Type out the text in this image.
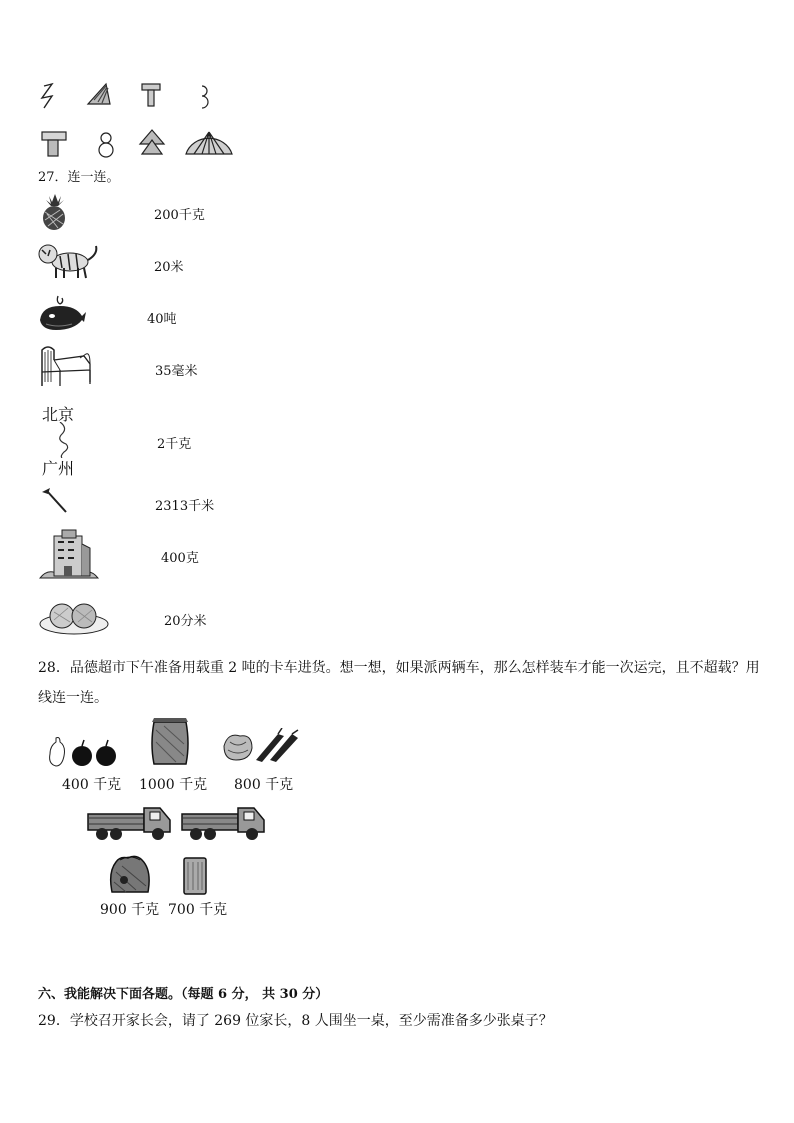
27．连一连。
200千克
20米
40吨
35毫米
北京
广州
2千克
2313千米
400克
20分米
28．品德超市下午准备用载重 2 吨的卡车进货。想一想，如果派两辆车，那么怎样装车才能一次运完，且不超载？用
线连一连。
400 千克 1000 千克 800 千克
900 千克 700 千克
六、我能解决下面各题。（每题 6 分， 共 30 分）
29．学校召开家长会，请了 269 位家长，8 人围坐一桌，至少需准备多少张桌子？
